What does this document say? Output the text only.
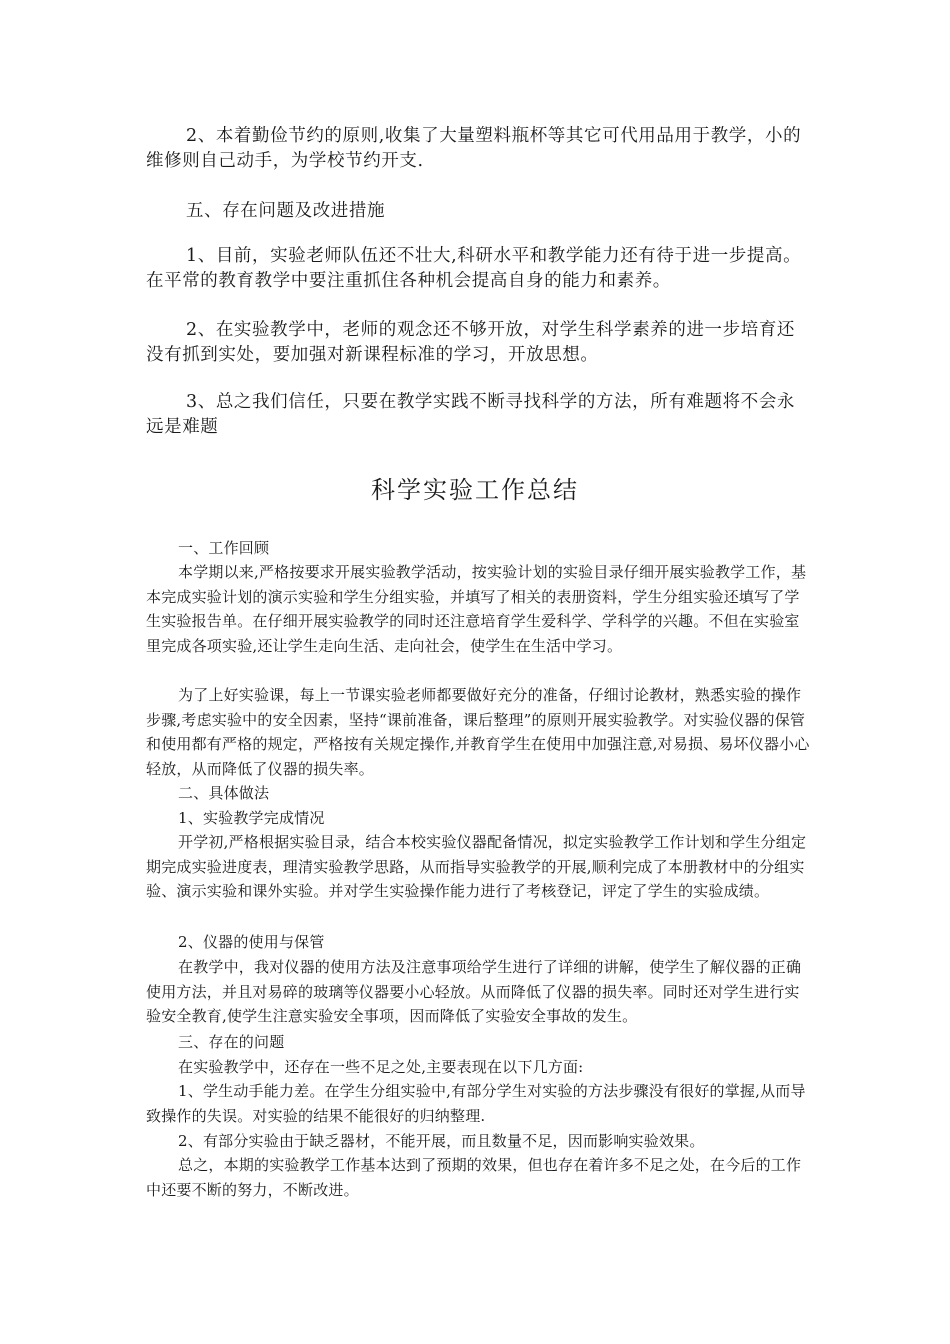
2、本着勤俭节约的原则,收集了大量塑料瓶杯等其它可代用品用于教学，小的维修则自己动手，为学校节约开支.

五、存在问题及改进措施

1、目前，实验老师队伍还不壮大,科研水平和教学能力还有待于进一步提高。在平常的教育教学中要注重抓住各种机会提高自身的能力和素养。

2、在实验教学中，老师的观念还不够开放，对学生科学素养的进一步培育还没有抓到实处，要加强对新课程标准的学习，开放思想。

3、总之我们信任，只要在教学实践不断寻找科学的方法，所有难题将不会永远是难题

科学实验工作总结

一、工作回顾

本学期以来,严格按要求开展实验教学活动，按实验计划的实验目录仔细开展实验教学工作，基本完成实验计划的演示实验和学生分组实验，并填写了相关的表册资料，学生分组实验还填写了学生实验报告单。在仔细开展实验教学的同时还注意培育学生爱科学、学科学的兴趣。不但在实验室里完成各项实验,还让学生走向生活、走向社会，使学生在生活中学习。

为了上好实验课，每上一节课实验老师都要做好充分的准备，仔细讨论教材，熟悉实验的操作步骤,考虑实验中的安全因素，坚持“课前准备，课后整理”的原则开展实验教学。对实验仪器的保管和使用都有严格的规定，严格按有关规定操作,并教育学生在使用中加强注意,对易损、易坏仪器小心轻放，从而降低了仪器的损失率。

二、具体做法

1、实验教学完成情况

开学初,严格根据实验目录，结合本校实验仪器配备情况，拟定实验教学工作计划和学生分组定期完成实验进度表，理清实验教学思路，从而指导实验教学的开展,顺利完成了本册教材中的分组实验、演示实验和课外实验。并对学生实验操作能力进行了考核登记，评定了学生的实验成绩。

2、仪器的使用与保管

在教学中，我对仪器的使用方法及注意事项给学生进行了详细的讲解，使学生了解仪器的正确使用方法，并且对易碎的玻璃等仪器要小心轻放。从而降低了仪器的损失率。同时还对学生进行实验安全教育,使学生注意实验安全事项，因而降低了实验安全事故的发生。

三、存在的问题

在实验教学中，还存在一些不足之处,主要表现在以下几方面:

1、学生动手能力差。在学生分组实验中,有部分学生对实验的方法步骤没有很好的掌握,从而导致操作的失误。对实验的结果不能很好的归纳整理.

2、有部分实验由于缺乏器材，不能开展，而且数量不足，因而影响实验效果。

总之，本期的实验教学工作基本达到了预期的效果，但也存在着许多不足之处，在今后的工作中还要不断的努力，不断改进。
